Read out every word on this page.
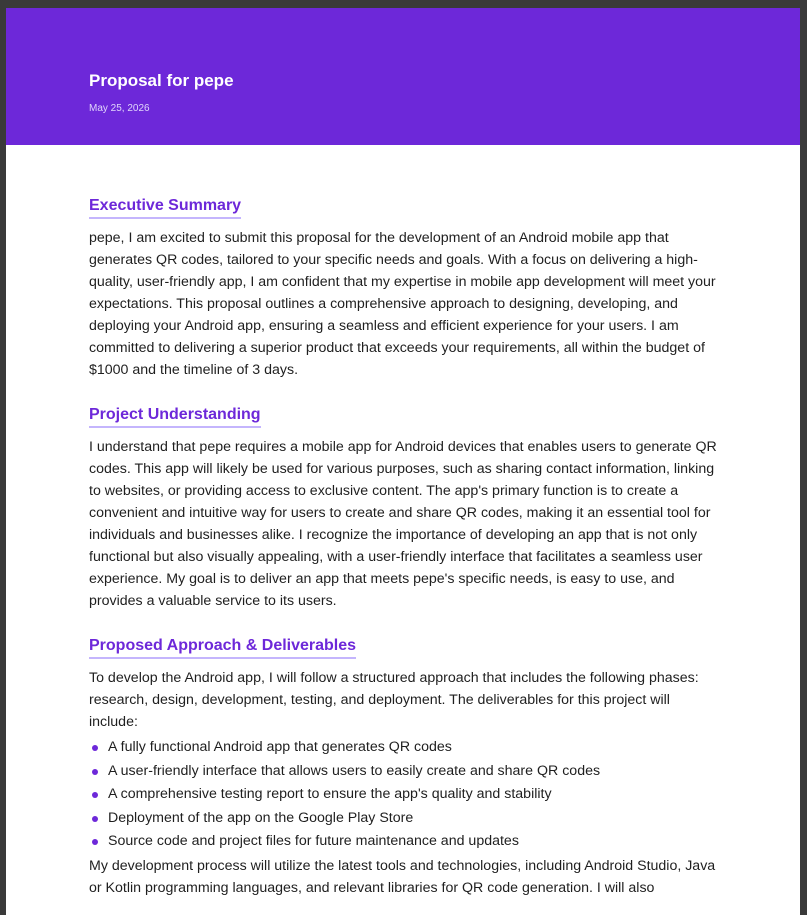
Proposal for pepe
May 25, 2026
Executive Summary

pepe, I am excited to submit this proposal for the development of an Android mobile app that generates QR codes, tailored to your specific needs and goals. With a focus on delivering a high-quality, user-friendly app, I am confident that my expertise in mobile app development will meet your expectations. This proposal outlines a comprehensive approach to designing, developing, and deploying your Android app, ensuring a seamless and efficient experience for your users. I am committed to delivering a superior product that exceeds your requirements, all within the budget of $1000 and the timeline of 3 days.

Project Understanding

I understand that pepe requires a mobile app for Android devices that enables users to generate QR codes. This app will likely be used for various purposes, such as sharing contact information, linking to websites, or providing access to exclusive content. The app's primary function is to create a convenient and intuitive way for users to create and share QR codes, making it an essential tool for individuals and businesses alike. I recognize the importance of developing an app that is not only functional but also visually appealing, with a user-friendly interface that facilitates a seamless user experience. My goal is to deliver an app that meets pepe's specific needs, is easy to use, and provides a valuable service to its users.

Proposed Approach & Deliverables

To develop the Android app, I will follow a structured approach that includes the following phases: research, design, development, testing, and deployment. The deliverables for this project will include:

A fully functional Android app that generates QR codes
A user-friendly interface that allows users to easily create and share QR codes
A comprehensive testing report to ensure the app's quality and stability
Deployment of the app on the Google Play Store
Source code and project files for future maintenance and updates

My development process will utilize the latest tools and technologies, including Android Studio, Java or Kotlin programming languages, and relevant libraries for QR code generation. I will also
